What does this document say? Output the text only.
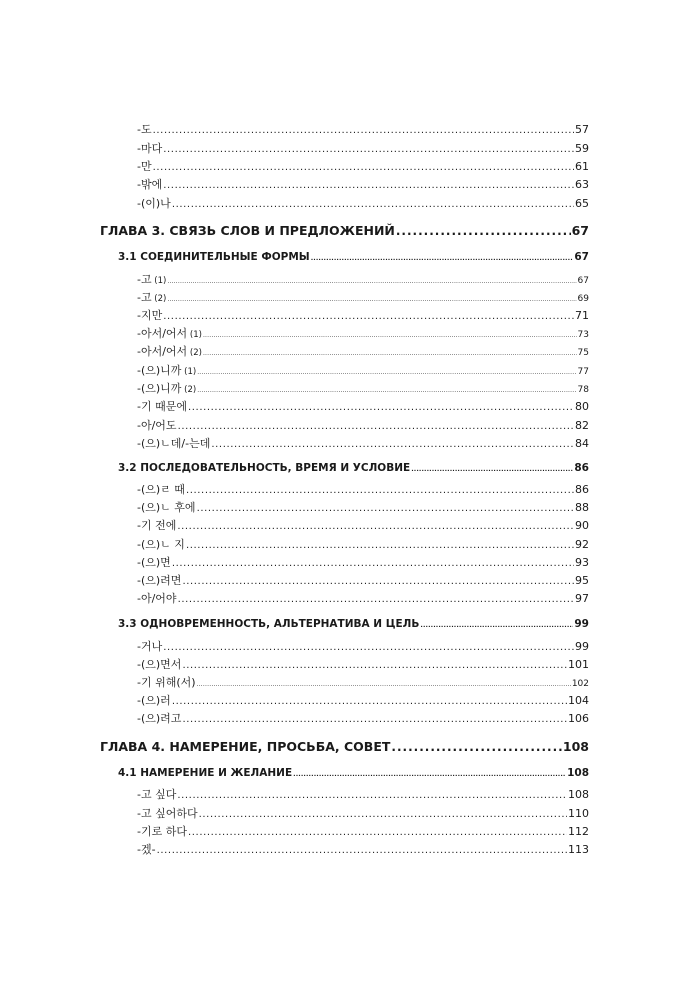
-도 .....	57
-마다 .....	59
-만 .....	61
-밖에 .....	63
-(이)나 .....	65
ГЛАВА 3. СВЯЗЬ СЛОВ И ПРЕДЛОЖЕНИЙ .....	67
3.1 СОЕДИНИТЕЛЬНЫЕ ФОРМЫ .....	67
-고 (1) .....	67
-고 (2) .....	69
-지만 .....	71
-아서/어서 (1) .....	73
-아서/어서 (2) .....	75
-(으)니까 (1) .....	77
-(으)니까 (2) .....	78
-기 때문에 .....	80
-아/어도 .....	82
-(으)ㄴ데/-는데 .....	84
3.2 ПОСЛЕДОВАТЕЛЬНОСТЬ, ВРЕМЯ И УСЛОВИЕ .....	86
-(으)ㄹ 때 .....	86
-(으)ㄴ 후에 .....	88
-기 전에 .....	90
-(으)ㄴ 지 .....	92
-(으)면 .....	93
-(으)려면 .....	95
-아/어야 .....	97
3.3 ОДНОВРЕМЕННОСТЬ, АЛЬТЕРНАТИВА И ЦЕЛЬ .....	99
-거나 .....	99
-(으)면서 .....	101
-기 위해(서) .....	102
-(으)러 .....	104
-(으)려고 .....	106
ГЛАВА 4. НАМЕРЕНИЕ, ПРОСЬБА, СОВЕТ .....	108
4.1 НАМЕРЕНИЕ И ЖЕЛАНИЕ .....	108
-고 싶다 .....	108
-고 싶어하다 .....	110
-기로 하다 .....	112
-겠- .....	113
